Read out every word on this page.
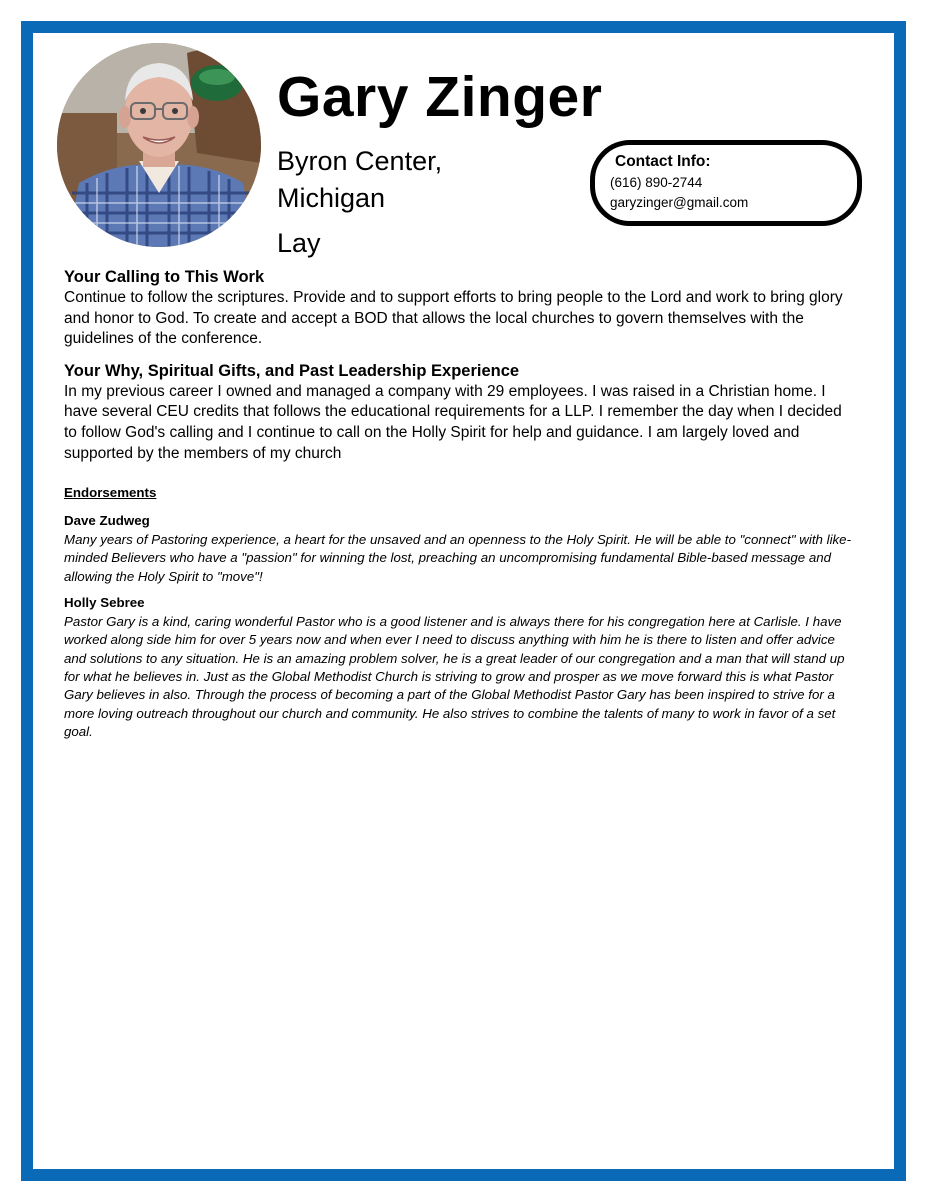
Gary Zinger
Byron Center, Michigan
Lay
Contact Info:
(616) 890-2744
garyzinger@gmail.com
Your Calling to This Work

Continue to follow the scriptures. Provide and to support efforts to bring people to the Lord and work to bring glory and honor to God. To create and accept a BOD that allows the local churches to govern themselves with the guidelines of the conference.

Your Why, Spiritual Gifts, and Past Leadership Experience

In my previous career I owned and managed a company with 29 employees. I was raised in a Christian home. I have several CEU credits that follows the educational requirements for a LLP. I remember the day when I decided to follow God's calling and I continue to call on the Holly Spirit for help and guidance. I am largely loved and supported by the members of my church

Endorsements
Dave Zudweg

Many years of Pastoring experience, a heart for the unsaved and an openness to the Holy Spirit. He will be able to "connect" with like-minded Believers who have a "passion" for winning the lost, preaching an uncompromising fundamental Bible-based message and allowing the Holy Spirit to "move"!

Holly Sebree

Pastor Gary is a kind, caring wonderful Pastor who is a good listener and is always there for his congregation here at Carlisle. I have worked along side him for over 5 years now and when ever I need to discuss anything with him he is there to listen and offer advice and solutions to any situation. He is an amazing problem solver, he is a great leader of our congregation and a man that will stand up for what he believes in. Just as the Global Methodist Church is striving to grow and prosper as we move forward this is what Pastor Gary believes in also. Through the process of becoming a part of the Global Methodist Pastor Gary has been inspired to strive for a more loving outreach throughout our church and community. He also strives to combine the talents of many to work in favor of a set goal.
